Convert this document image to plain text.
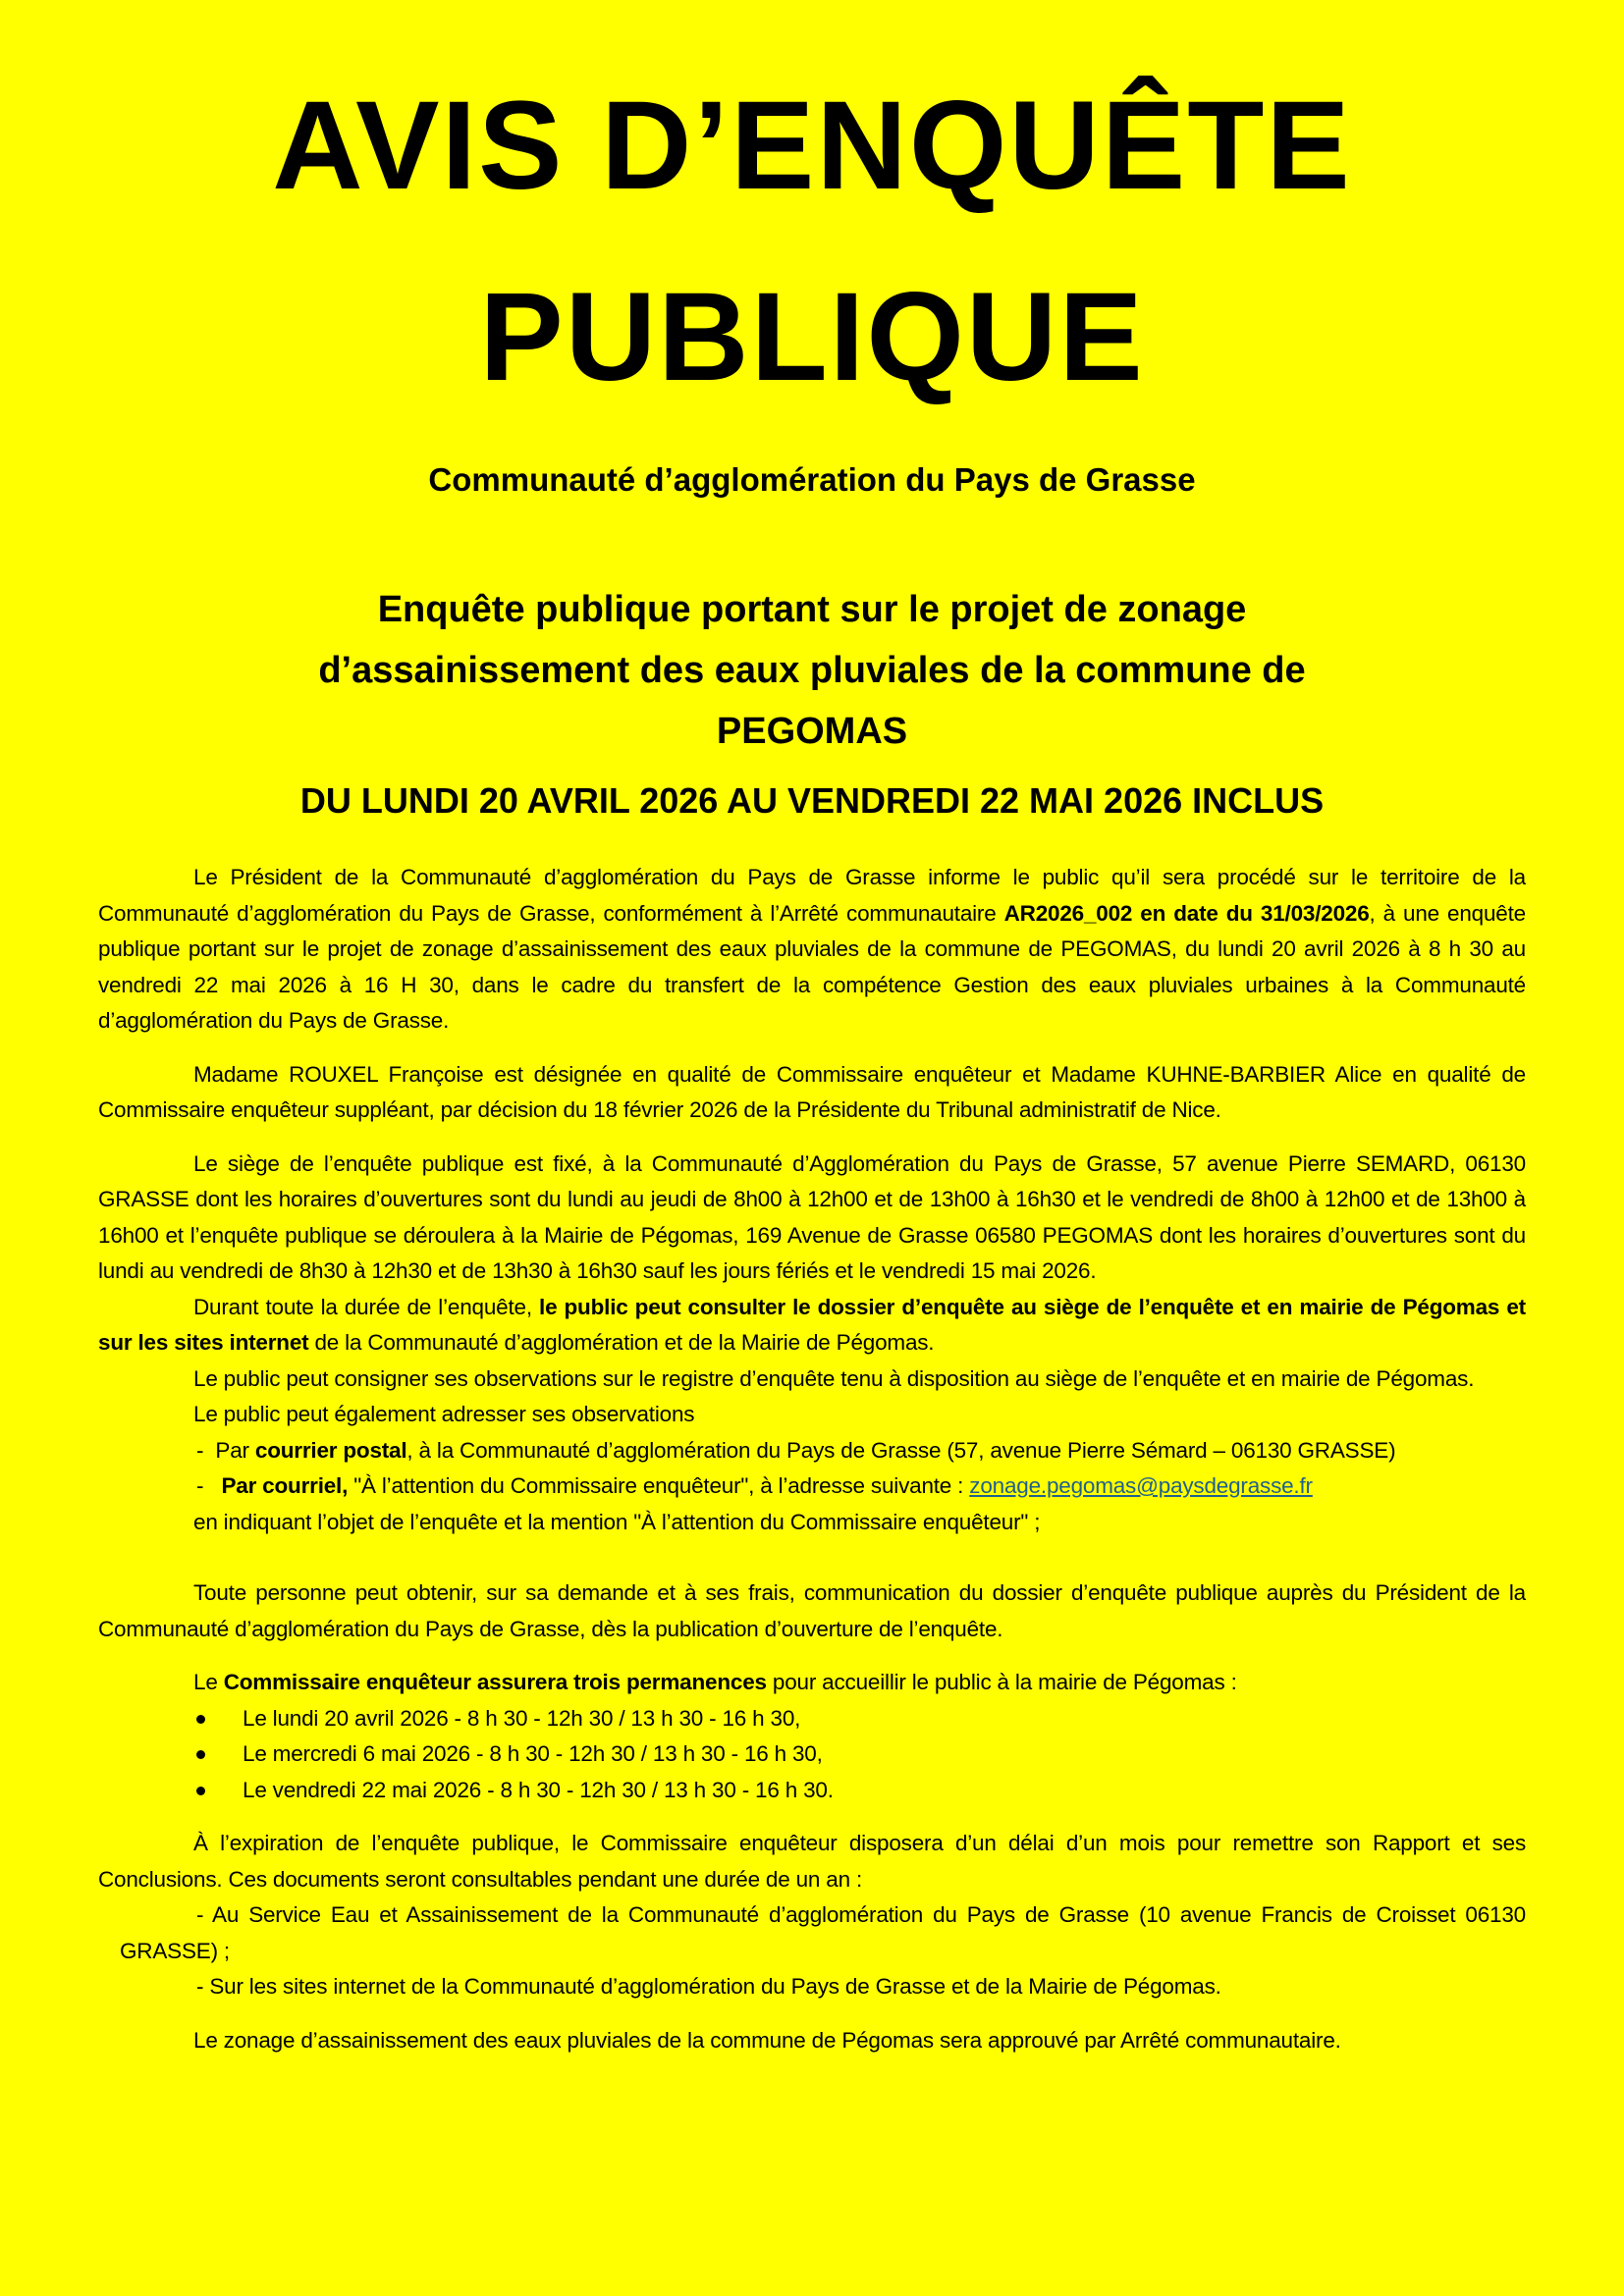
AVIS D’ENQUÊTE
PUBLIQUE
Communauté d’agglomération du Pays de Grasse
Enquête publique portant sur le projet de zonage
d’assainissement des eaux pluviales de la commune de
PEGOMAS
DU LUNDI 20 AVRIL 2026 AU VENDREDI 22 MAI 2026 INCLUS

Le Président de la Communauté d’agglomération du Pays de Grasse informe le public qu’il sera procédé sur le territoire de la Communauté d’agglomération du Pays de Grasse, conformément à l’Arrêté communautaire AR2026_002 en date du 31/03/2026, à une enquête publique portant sur le projet de zonage d’assainissement des eaux pluviales de la commune de PEGOMAS, du lundi 20 avril 2026 à 8 h 30 au vendredi 22 mai 2026 à 16 H 30, dans le cadre du transfert de la compétence Gestion des eaux pluviales urbaines à la Communauté d’agglomération du Pays de Grasse.

Madame ROUXEL Françoise est désignée en qualité de Commissaire enquêteur et Madame KUHNE-BARBIER Alice en qualité de Commissaire enquêteur suppléant, par décision du 18 février 2026 de la Présidente du Tribunal administratif de Nice.

Le siège de l’enquête publique est fixé, à la Communauté d’Agglomération du Pays de Grasse, 57 avenue Pierre SEMARD, 06130 GRASSE dont les horaires d’ouvertures sont du lundi au jeudi de 8h00 à 12h00 et de 13h00 à 16h30 et le vendredi de 8h00 à 12h00 et de 13h00 à 16h00 et l’enquête publique se déroulera à la Mairie de Pégomas, 169 Avenue de Grasse 06580 PEGOMAS dont les horaires d’ouvertures sont du lundi au vendredi de 8h30 à 12h30 et de 13h30 à 16h30 sauf les jours fériés et le vendredi 15 mai 2026.

Durant toute la durée de l’enquête, le public peut consulter le dossier d’enquête au siège de l’enquête et en mairie de Pégomas et sur les sites internet de la Communauté d’agglomération et de la Mairie de Pégomas.

Le public peut consigner ses observations sur le registre d’enquête tenu à disposition au siège de l’enquête et en mairie de Pégomas.

Le public peut également adresser ses observations

- Par courrier postal, à la Communauté d’agglomération du Pays de Grasse (57, avenue Pierre Sémard – 06130 GRASSE)

- Par courriel, "À l’attention du Commissaire enquêteur", à l’adresse suivante : zonage.pegomas@paysdegrasse.fr

en indiquant l’objet de l’enquête et la mention "À l’attention du Commissaire enquêteur" ;

Toute personne peut obtenir, sur sa demande et à ses frais, communication du dossier d’enquête publique auprès du Président de la Communauté d’agglomération du Pays de Grasse, dès la publication d’ouverture de l’enquête.

Le Commissaire enquêteur assurera trois permanences pour accueillir le public à la mairie de Pégomas :

Le lundi 20 avril 2026 - 8 h 30 - 12h 30 / 13 h 30 - 16 h 30,
Le mercredi 6 mai 2026 - 8 h 30 - 12h 30 / 13 h 30 - 16 h 30,
Le vendredi 22 mai 2026 - 8 h 30 - 12h 30 / 13 h 30 - 16 h 30.

À l’expiration de l’enquête publique, le Commissaire enquêteur disposera d’un délai d’un mois pour remettre son Rapport et ses Conclusions. Ces documents seront consultables pendant une durée de un an :

- Au Service Eau et Assainissement de la Communauté d’agglomération du Pays de Grasse (10 avenue Francis de Croisset 06130 GRASSE) ;

- Sur les sites internet de la Communauté d’agglomération du Pays de Grasse et de la Mairie de Pégomas.

Le zonage d’assainissement des eaux pluviales de la commune de Pégomas sera approuvé par Arrêté communautaire.
